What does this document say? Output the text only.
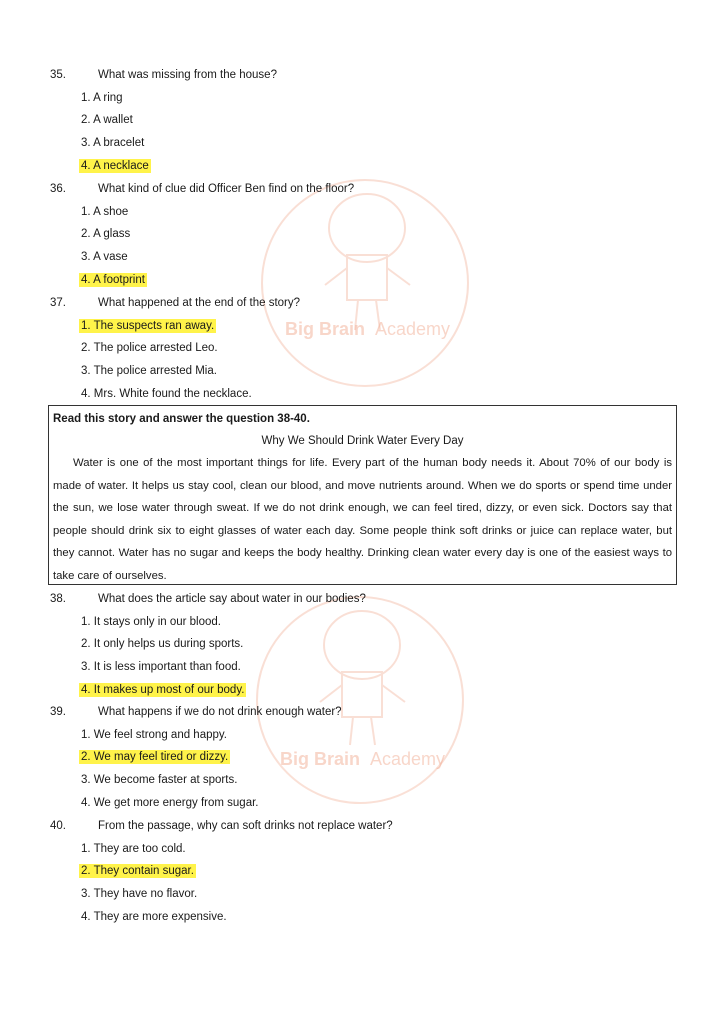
Big Brain Academy
Big Brain Academy
35.	What was missing from the house?
1. A ring
2. A wallet
3. A bracelet
4. A necklace
36.	What kind of clue did Officer Ben find on the floor?
1. A shoe
2. A glass
3. A vase
4. A footprint
37.	What happened at the end of the story?
1. The suspects ran away.
2. The police arrested Leo.
3. The police arrested Mia.
4. Mrs. White found the necklace.
Read this story and answer the question 38-40.
Why We Should Drink Water Every Day

Water is one of the most important things for life. Every part of the human body needs it. About 70% of our body is made of water. It helps us stay cool, clean our blood, and move nutrients around. When we do sports or spend time under the sun, we lose water through sweat. If we do not drink enough, we can feel tired, dizzy, or even sick. Doctors say that people should drink six to eight glasses of water each day. Some people think soft drinks or juice can replace water, but they cannot. Water has no sugar and keeps the body healthy. Drinking clean water every day is one of the easiest ways to take care of ourselves.

38.	What does the article say about water in our bodies?
1. It stays only in our blood.
2. It only helps us during sports.
3. It is less important than food.
4. It makes up most of our body.
39.	What happens if we do not drink enough water?
1. We feel strong and happy.
2. We may feel tired or dizzy.
3. We become faster at sports.
4. We get more energy from sugar.
40.	From the passage, why can soft drinks not replace water?
1. They are too cold.
2. They contain sugar.
3. They have no flavor.
4. They are more expensive.
